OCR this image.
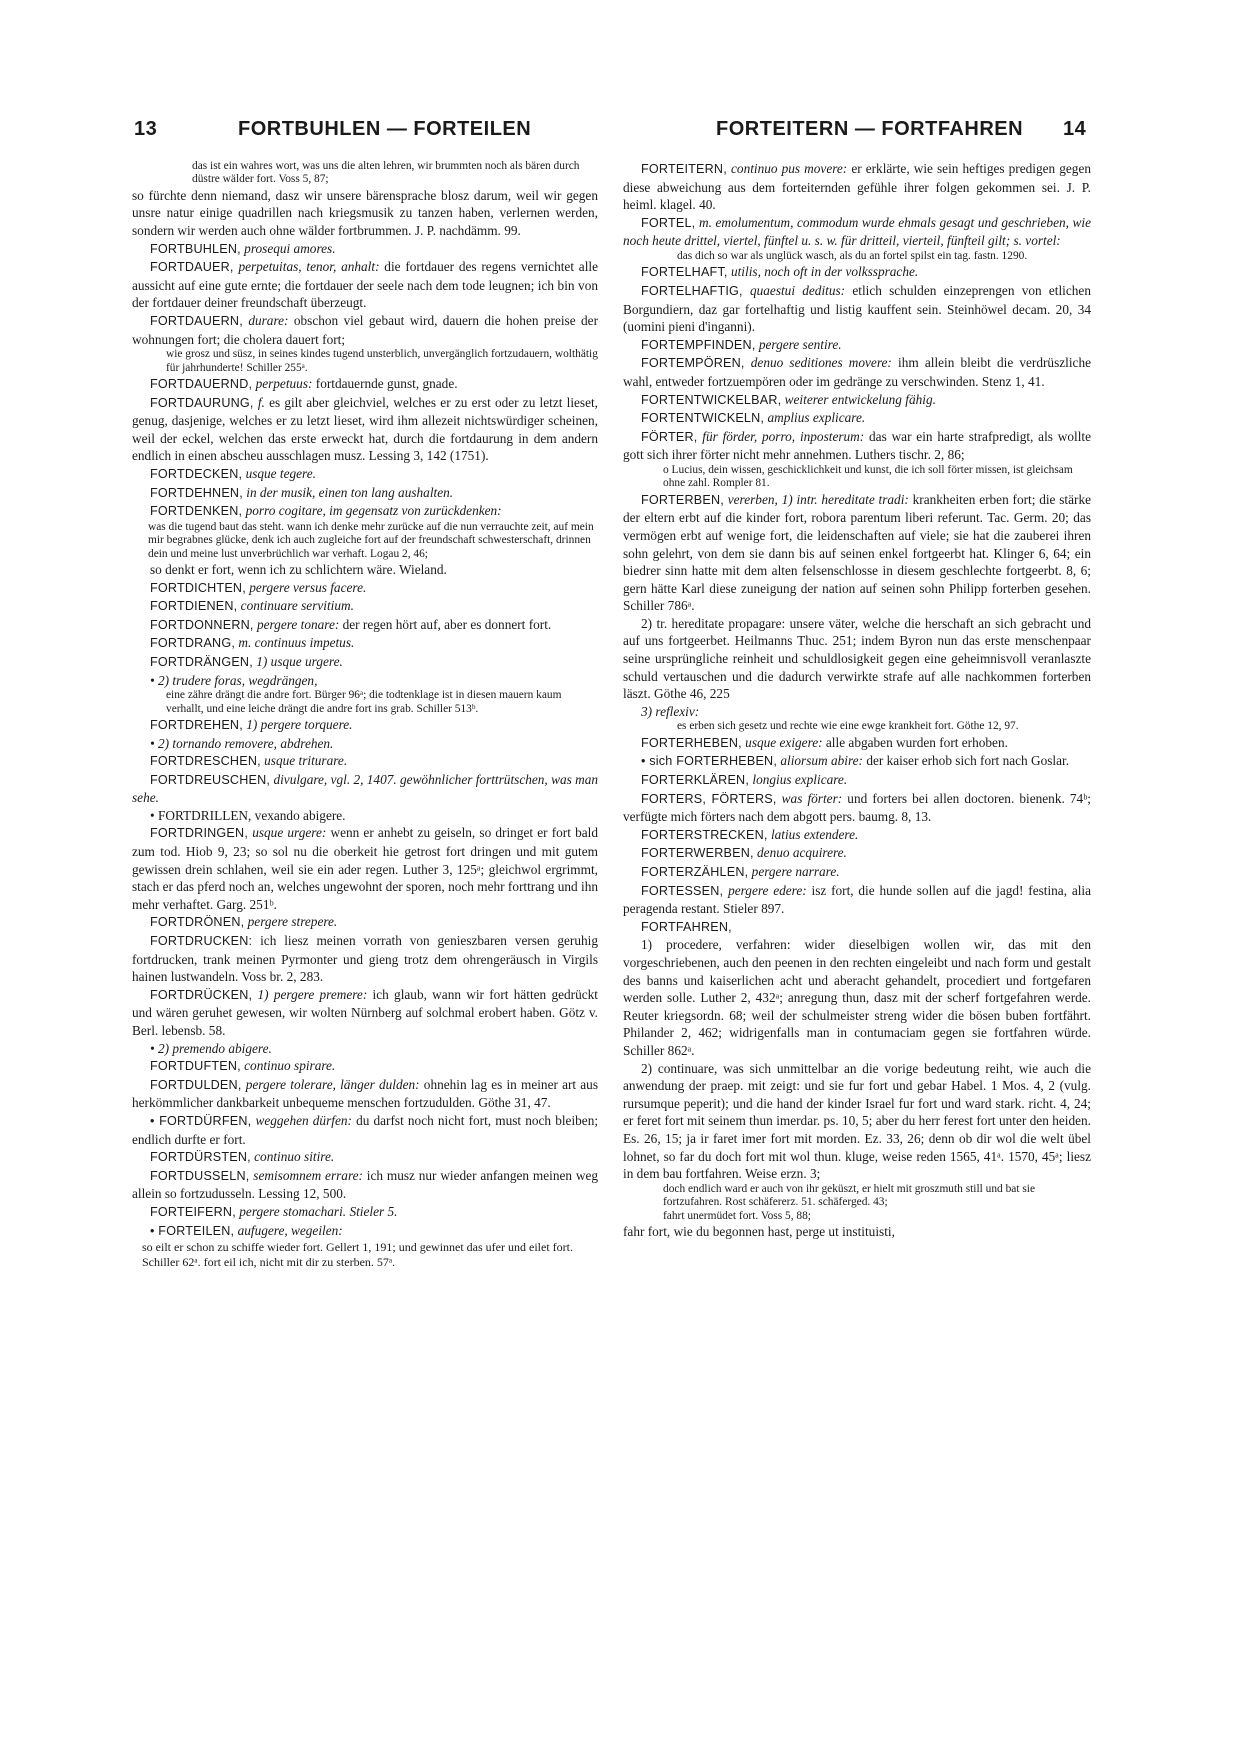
13	FORTBUHLEN — FORTEILEN	FORTEITERN — FORTFAHREN 14

das ist ein wahres wort, was uns die alten lehren, wir brummten noch als bären durch düstre wälder fort. Voss 5, 87;

so fürchte denn niemand, dasz wir unsere bärensprache blosz darum, weil wir gegen unsre natur einige quadrillen nach kriegsmusik zu tanzen haben, verlernen werden, sondern wir werden auch ohne wälder fortbrummen. J. P. nachdämm. 99.

FORTBUHLEN, prosequi amores.

FORTDAUER, perpetuitas, tenor, anhalt: die fortdauer des regens vernichtet alle aussicht auf eine gute ernte; die fortdauer der seele nach dem tode leugnen; ich bin von der fortdauer deiner freundschaft überzeugt.

FORTDAUERN, durare: obschon viel gebaut wird, dauern die hohen preise der wohnungen fort; die cholera dauert fort;

wie grosz und süsz, in seines kindes tugend unsterblich, unvergänglich fortzudauern, wolthätig für jahrhunderte! Schiller 255ᵃ.

FORTDAUERND, perpetuus: fortdauernde gunst, gnade.

FORTDAURUNG, f. es gilt aber gleichviel, welches er zu erst oder zu letzt lieset, genug, dasjenige, welches er zu letzt lieset, wird ihm allezeit nichtswürdiger scheinen, weil der eckel, welchen das erste erweckt hat, durch die fortdaurung in dem andern endlich in einen abscheu ausschlagen musz. Lessing 3, 142 (1751).

FORTDECKEN, usque tegere.

FORTDEHNEN, in der musik, einen ton lang aushalten.

FORTDENKEN, porro cogitare, im gegensatz von zurückdenken:

was die tugend baut das steht. wann ich denke mehr zurücke auf die nun verrauchte zeit, auf mein mir begrabnes glücke, denk ich auch zugleiche fort auf der freundschaft schwesterschaft, drinnen dein und meine lust unverbrüchlich war verhaft. Logau 2, 46;

so denkt er fort, wenn ich zu schlichtern wäre. Wieland.

FORTDICHTEN, pergere versus facere.

FORTDIENEN, continuare servitium.

FORTDONNERN, pergere tonare: der regen hört auf, aber es donnert fort.

FORTDRANG, m. continuus impetus.

FORTDRÄNGEN, 1) usque urgere.

• 2) trudere foras, wegdrängen,

eine zähre drängt die andre fort. Bürger 96ᵃ; die todtenklage ist in diesen mauern kaum verhallt, und eine leiche drängt die andre fort ins grab. Schiller 513ᵇ.

FORTDREHEN, 1) pergere torquere.

• 2) tornando removere, abdrehen.

FORTDRESCHEN, usque triturare.

FORTDREUSCHEN, divulgare, vgl. 2, 1407. gewöhnlicher forttrütschen, was man sehe.

• FORTDRILLEN, vexando abigere.

FORTDRINGEN, usque urgere: wenn er anhebt zu geiseln, so dringet er fort bald zum tod. Hiob 9, 23; so sol nu die oberkeit hie getrost fort dringen und mit gutem gewissen drein schlahen, weil sie ein ader regen. Luther 3, 125ᵃ; gleichwol ergrimmt, stach er das pferd noch an, welches ungewohnt der sporen, noch mehr forttrang und ihn mehr verhaftet. Garg. 251ᵇ.

FORTDRÖNEN, pergere strepere.

FORTDRUCKEN: ich liesz meinen vorrath von genieszbaren versen geruhig fortdrucken, trank meinen Pyrmonter und gieng trotz dem ohrengeräusch in Virgils hainen lustwandeln. Voss br. 2, 283.

FORTDRÜCKEN, 1) pergere premere: ich glaub, wann wir fort hätten gedrückt und wären geruhet gewesen, wir wolten Nürnberg auf solchmal erobert haben. Götz v. Berl. lebensb. 58.

• 2) premendo abigere.

FORTDUFTEN, continuo spirare.

FORTDULDEN, pergere tolerare, länger dulden: ohnehin lag es in meiner art aus herkömmlicher dankbarkeit unbequeme menschen fortzudulden. Göthe 31, 47.

• FORTDÜRFEN, weggehen dürfen: du darfst noch nicht fort, must noch bleiben; endlich durfte er fort.

FORTDÜRSTEN, continuo sitire.

FORTDUSSELN, semisomnem errare: ich musz nur wieder anfangen meinen weg allein so fortzudusseln. Lessing 12, 500.

FORTEIFERN, pergere stomachari. Stieler 5.

• FORTEILEN, aufugere, wegeilen:

so eilt er schon zu schiffe wieder fort. Gellert 1, 191; und gewinnet das ufer und eilet fort. Schiller 62ᵃ. fort eil ich, nicht mit dir zu sterben. 57ᵃ.

FORTEITERN, continuo pus movere: er erklärte, wie sein heftiges predigen gegen diese abweichung aus dem forteiternden gefühle ihrer folgen gekommen sei. J. P. heiml. klagel. 40.

FORTEL, m. emolumentum, commodum wurde ehmals gesagt und geschrieben, wie noch heute drittel, viertel, fünftel u. s. w. für dritteil, vierteil, fünfteil gilt; s. vortel:

das dich so war als unglück wasch, als du an fortel spilst ein tag. fastn. 1290.

FORTELHAFT, utilis, noch oft in der volkssprache.

FORTELHAFTIG, quaestui deditus: etlich schulden einzeprengen von etlichen Borgundiern, daz gar fortelhaftig und listig kauffent sein. Steinhöwel decam. 20, 34 (uomini pieni d'inganni).

FORTEMPFINDEN, pergere sentire.

FORTEMPÖREN, denuo seditiones movere: ihm allein bleibt die verdrüszliche wahl, entweder fortzuempören oder im gedränge zu verschwinden. Stenz 1, 41.

FORTENTWICKELBAR, weiterer entwickelung fähig.

FORTENTWICKELN, amplius explicare.

FÖRTER, für förder, porro, inposterum: das war ein harte strafpredigt, als wollte gott sich ihrer förter nicht mehr annehmen. Luthers tischr. 2, 86;

o Lucius, dein wissen, geschicklichkeit und kunst, die ich soll förter missen, ist gleichsam ohne zahl. Rompler 81.

FORTERBEN, vererben, 1) intr. hereditate tradi: krankheiten erben fort; die stärke der eltern erbt auf die kinder fort, robora parentum liberi referunt. Tac. Germ. 20; das vermögen erbt auf wenige fort, die leidenschaften auf viele; sie hat die zauberei ihren sohn gelehrt, von dem sie dann bis auf seinen enkel fortgeerbt hat. Klinger 6, 64; ein biedrer sinn hatte mit dem alten felsenschlosse in diesem geschlechte fortgeerbt. 8, 6; gern hätte Karl diese zuneigung der nation auf seinen sohn Philipp forterben gesehen. Schiller 786ᵃ.

2) tr. hereditate propagare: unsere väter, welche die herschaft an sich gebracht und auf uns fortgeerbet. Heilmanns Thuc. 251; indem Byron nun das erste menschenpaar seine ursprüngliche reinheit und schuldlosigkeit gegen eine geheimnisvoll veranlaszte schuld vertauschen und die dadurch verwirkte strafe auf alle nachkommen forterben läszt. Göthe 46, 225

3) reflexiv:

es erben sich gesetz und rechte wie eine ewge krankheit fort. Göthe 12, 97.

FORTERHEBEN, usque exigere: alle abgaben wurden fort erhoben.

• sich FORTERHEBEN, aliorsum abire: der kaiser erhob sich fort nach Goslar.

FORTERKLÄREN, longius explicare.

FORTERS, FÖRTERS, was förter: und forters bei allen doctoren. bienenk. 74ᵇ; verfügte mich förters nach dem abgott pers. baumg. 8, 13.

FORTERSTRECKEN, latius extendere.

FORTERWERBEN, denuo acquirere.

FORTERZÄHLEN, pergere narrare.

FORTESSEN, pergere edere: isz fort, die hunde sollen auf die jagd! festina, alia peragenda restant. Stieler 897.

FORTFAHREN,

1) procedere, verfahren: wider dieselbigen wollen wir, das mit den vorgeschriebenen, auch den peenen in den rechten eingeleibt und nach form und gestalt des banns und kaiserlichen acht und aberacht gehandelt, procediert und fortgefaren werden solle. Luther 2, 432ᵃ; anregung thun, dasz mit der scherf fortgefahren werde. Reuter kriegsordn. 68; weil der schulmeister streng wider die bösen buben fortfährt. Philander 2, 462; widrigenfalls man in contumaciam gegen sie fortfahren würde. Schiller 862ᵃ.

2) continuare, was sich unmittelbar an die vorige bedeutung reiht, wie auch die anwendung der praep. mit zeigt: und sie fur fort und gebar Habel. 1 Mos. 4, 2 (vulg. rursumque peperit); und die hand der kinder Israel fur fort und ward stark. richt. 4, 24; er feret fort mit seinem thun imerdar. ps. 10, 5; aber du herr ferest fort unter den heiden. Es. 26, 15; ja ir faret imer fort mit morden. Ez. 33, 26; denn ob dir wol die welt übel lohnet, so far du doch fort mit wol thun. kluge, weise reden 1565, 41ᵃ. 1570, 45ᵃ; liesz in dem bau fortfahren. Weise erzn. 3;

doch endlich ward er auch von ihr geküszt, er hielt mit groszmuth still und bat sie fortzufahren. Rost schäfererz. 51. schäferged. 43;

fahrt unermüdet fort. Voss 5, 88;

fahr fort, wie du begonnen hast, perge ut instituisti,
